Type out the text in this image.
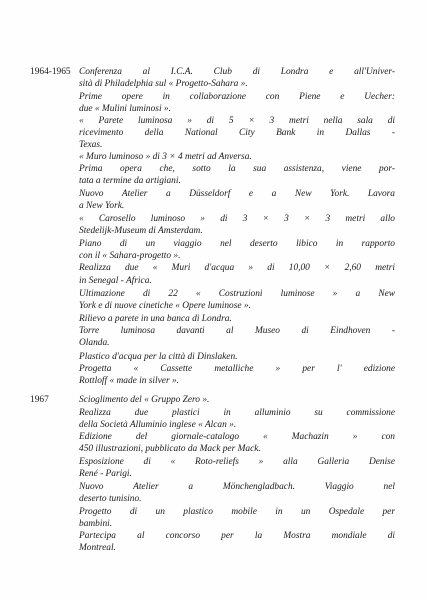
1964-1965 Conferenza al I.C.A. Club di Londra e all'Univer-
sità di Philadelphia sul « Progetto-Sahara ».
Prime opere in collaborazione con Piene e Uecher:
due « Mulini luminosi ».
« Parete luminosa » di 5 × 3 metri nella sala di
ricevimento della National City Bank in Dallas -
Texas.
« Muro luminoso » di 3 × 4 metri ad Anversa.
Prima opera che, sotto la sua assistenza, viene por-
tata a termine da artigiani.
Nuovo Atelier a Düsseldorf e a New York. Lavora
a New York.
« Carosello luminoso » di 3 × 3 × 3 metri allo
Stedelijk-Museum di Amsterdam.
Piano di un viaggio nel deserto libico in rapporto
con il « Sahara-progetto ».
Realizza due « Muri d'acqua » di 10,00 × 2,60 metri
in Senegal - Africa.
Ultimazione di 22 « Costruzioni luminose » a New
York e di nuove cinetiche « Opere luminose ».
Rilievo a parete in una banca di Londra.
Torre luminosa davanti al Museo di Eindhoven -
Olanda.
Plastico d'acqua per la città di Dinslaken.
Progetta « Cassette metalliche » per l' edizione
Rottloff « made in silver ».
1967	Scioglimento del « Gruppo Zero ».
Realizza due plastici in alluminio su commissione
della Società Alluminio inglese « Alcan ».
Edizione del giornale-catalogo « Machazin » con
450 illustrazioni, pubblicato da Mack per Mack.
Esposizione di « Roto-reliefs » alla Galleria Denise
René - Parigi.
Nuovo Atelier a Mönchengladbach. Viaggio nel
deserto tunisino.
Progetto di un plastico mobile in un Ospedale per
bambini.
Partecipa al concorso per la Mostra mondiale di
Montreal.
